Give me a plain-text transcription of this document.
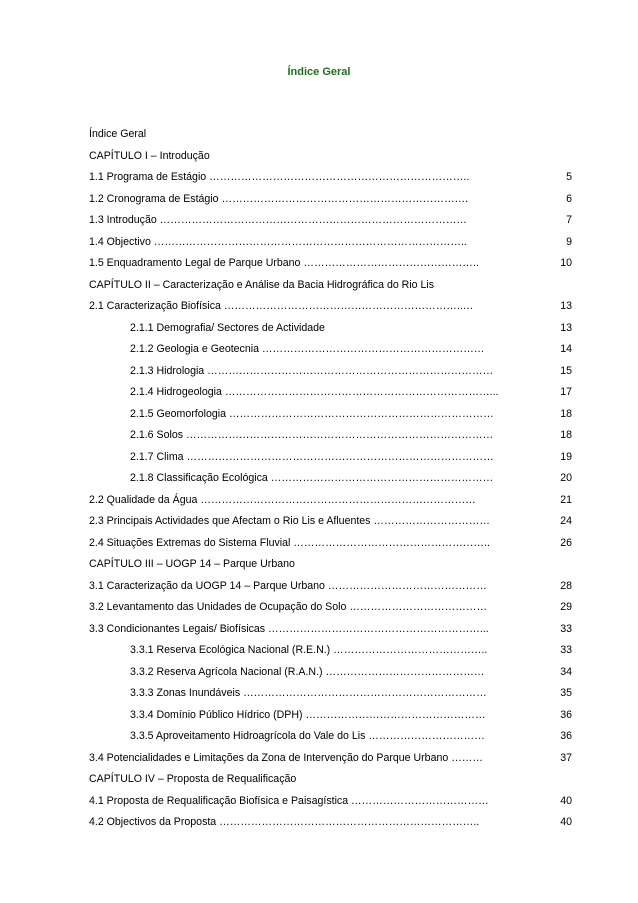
Índice Geral
Índice Geral
CAPÍTULO I – Introdução
1.1 Programa de Estágio ………………………………………………………………..	5
1.2 Cronograma de Estágio …………………………………………………………….	6
1.3 Introdução ……………………………………………………………………………	7
1.4 Objectivo ……………………………………………………………………………..	9
1.5 Enquadramento Legal de Parque Urbano …………………………………………..	10
CAPÍTULO II – Caracterização e Análise da Bacia Hidrográfica do Rio Lis
2.1 Caracterização Biofísica …………………………………………………………..…	13
2.1.1 Demografia/ Sectores de Actividade	13
2.1.2 Geologia e Geotecnia ………………………………………………………	14
2.1.3 Hidrologia ………………………………………………………………………	15
2.1.4 Hidrogeologia …………………………………………………………………...	17
2.1.5 Geomorfologia …………………………………………………………………	18
2.1.6 Solos ……………………………………………………………………………	18
2.1.7 Clima ……………………………………………………………………………	19
2.1.8 Classificação Ecológica ………………………………………………………	20
2.2 Qualidade da Água ……………………………………………………………………	21
2.3 Principais Actividades que Afectam o Rio Lis e Afluentes ……………………………	24
2.4 Situações Extremas do Sistema Fluvial ………………………………………………..	26
CAPÍTULO III – UOGP 14 – Parque Urbano
3.1 Caracterização da UOGP 14 – Parque Urbano ………………………………………	28
3.2 Levantamento das Unidades de Ocupação do Solo …………………………………	29
3.3 Condicionantes Legais/ Biofísicas ……………………………………………………...	33
3.3.1 Reserva Ecológica Nacional (R.E.N.) ……………………………………..	33
3.3.2 Reserva Agrícola Nacional (R.A.N.) ………………………………………	34
3.3.3 Zonas Inundáveis ……………………………………………………………	35
3.3.4 Domínio Público Hídrico (DPH) ……………………………………………	36
3.3.5 Aproveitamento Hidroagrícola do Vale do Lis ……………………………	36
3.4 Potencialidades e Limitações da Zona de Intervenção do Parque Urbano ………	37
CAPÍTULO IV – Proposta de Requalificação
4.1 Proposta de Requalificação Biofísica e Paisagística …………………………………	40
4.2 Objectivos da Proposta ………………………………………………………………..	40
